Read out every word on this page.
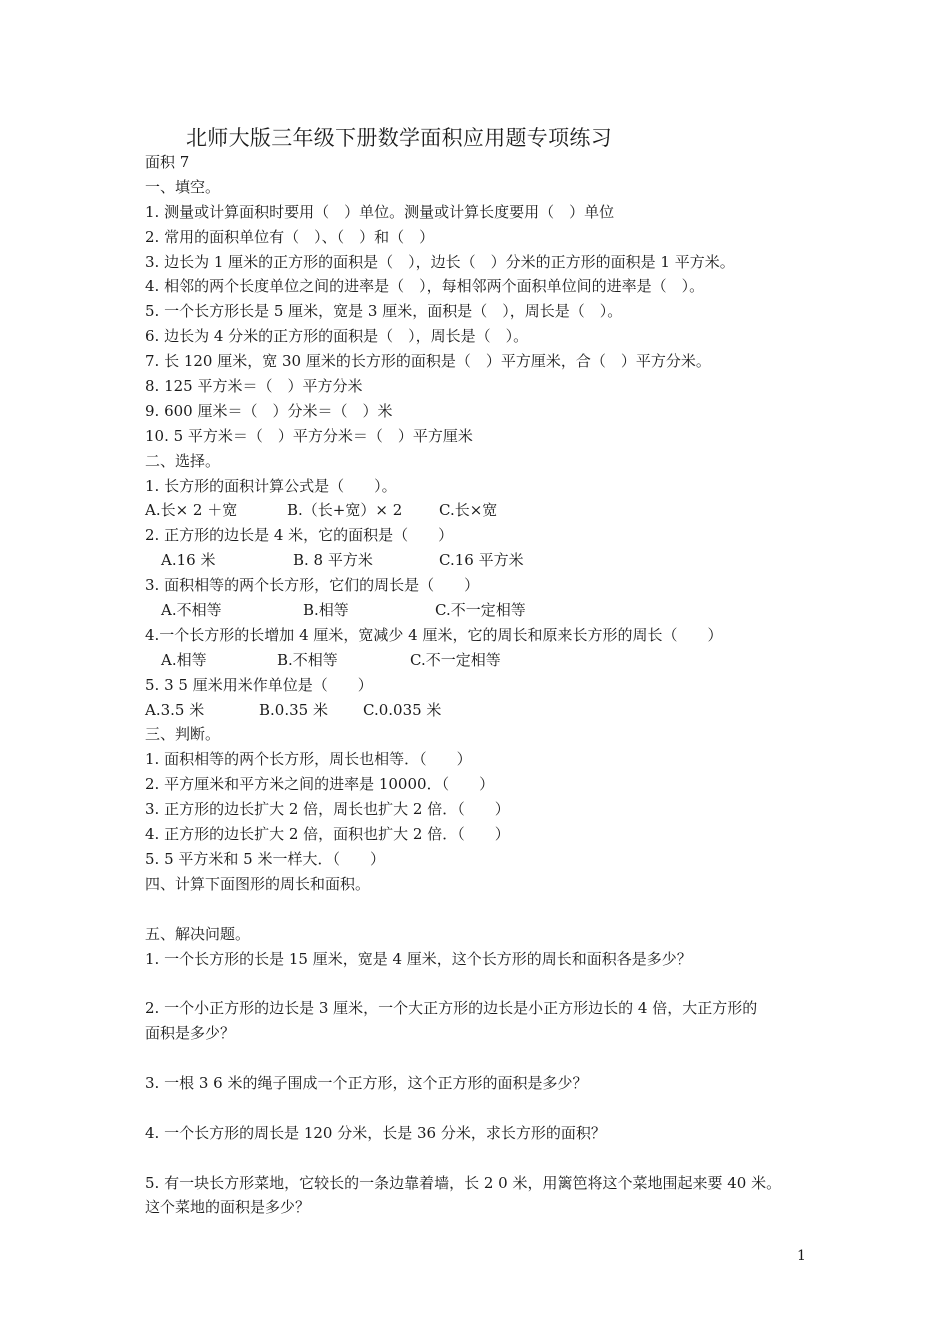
北师大版三年级下册数学面积应用题专项练习
面积 7
一、填空。
1. 测量或计算面积时要用（　）单位。测量或计算长度要用（　）单位
2. 常用的面积单位有（　）、（　）和（　）
3. 边长为 1 厘米的正方形的面积是（　），边长（　）分米的正方形的面积是 1 平方米。
4. 相邻的两个长度单位之间的进率是（　），每相邻两个面积单位间的进率是（　）。
5. 一个长方形长是 5 厘米，宽是 3 厘米，面积是（　），周长是（　）。
6. 边长为 4 分米的正方形的面积是（　），周长是（　）。
7. 长 120 厘米，宽 30 厘米的长方形的面积是（　）平方厘米，合（　）平方分米。
8. 125 平方米＝（　）平方分米
9. 600 厘米＝（　）分米＝（　）米
10. 5 平方米＝（　）平方分米＝（　）平方厘米
二、选择。
1. 长方形的面积计算公式是（　　）。
A.长× 2 ＋宽	B.（长+宽）× 2 C.长×宽
2. 正方形的边长是 4 米，它的面积是（　　）
A.16 米	B. 8 平方米	C.16 平方米
3. 面积相等的两个长方形，它们的周长是（　　）
A.不相等	B.相等	C.不一定相等
4.一个长方形的长增加 4 厘米，宽减少 4 厘米，它的周长和原来长方形的周长（　　）
A.相等	B.不相等	C.不一定相等
5. 3 5 厘米用米作单位是（　　）
A.3.5 米	B.0.35 米 C.0.035 米
三、判断。
1. 面积相等的两个长方形，周长也相等．（　　）
2. 平方厘米和平方米之间的进率是 10000．（　　）
3. 正方形的边长扩大 2 倍，周长也扩大 2 倍．（　　）
4. 正方形的边长扩大 2 倍，面积也扩大 2 倍．（　　）
5. 5 平方米和 5 米一样大．（　　）
四、计算下面图形的周长和面积。
五、解决问题。
1. 一个长方形的长是 15 厘米，宽是 4 厘米，这个长方形的周长和面积各是多少？
2. 一个小正方形的边长是 3 厘米，一个大正方形的边长是小正方形边长的 4 倍，大正方形的
面积是多少？
3. 一根 3 6 米的绳子围成一个正方形，这个正方形的面积是多少？
4. 一个长方形的周长是 120 分米，长是 36 分米，求长方形的面积？
5. 有一块长方形菜地，它较长的一条边靠着墙，长 2 0 米，用篱笆将这个菜地围起来要 40 米。
这个菜地的面积是多少？
1
